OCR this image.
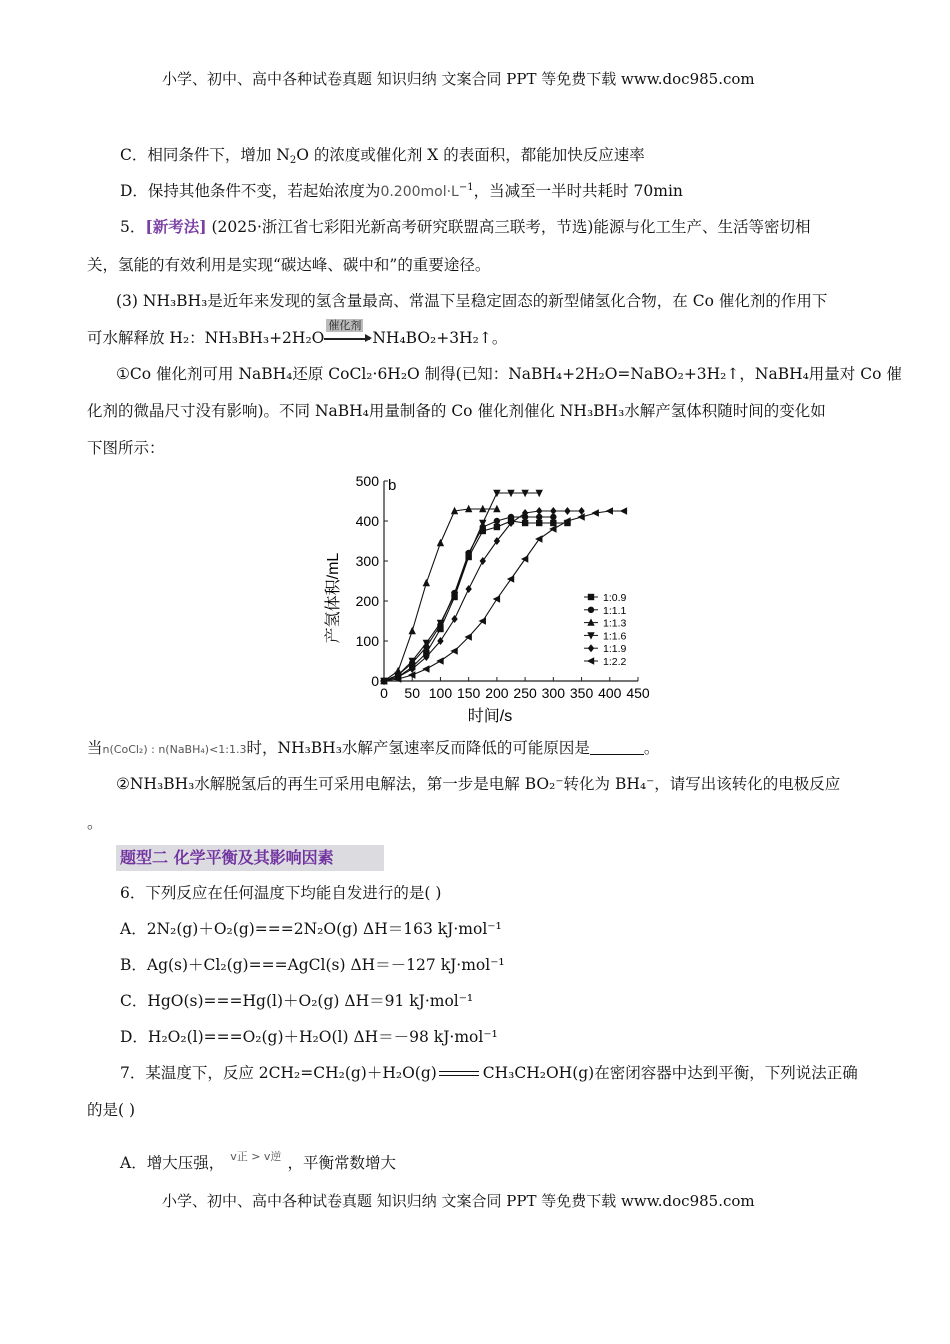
小学、初中、高中各种试卷真题 知识归纳 文案合同 PPT 等免费下载 www.doc985.com
C．相同条件下，增加 $N_2O$ 的浓度或催化剂 X 的表面积，都能加快反应速率
D．保持其他条件不变，若起始浓度为$0.200mol\cdot L^{-1}$，当减至一半时共耗时 70min
5．[新考法] (2025·浙江省七彩阳光新高考研究联盟高三联考，节选)能源与化工生产、生活等密切相
关，氢能的有效利用是实现“碳达峰、碳中和”的重要途径。
(3) NH₃BH₃是近年来发现的氢含量最高、常温下呈稳定固态的新型储氢化合物，在 Co 催化剂的作用下
可水解释放 H₂：NH₃BH₃+2H₂O
催化剂
NH₄BO₂+3H₂↑。
①Co 催化剂可用 NaBH₄还原 CoCl₂·6H₂O 制得(已知：NaBH₄+2H₂O=NaBO₂+3H₂↑，NaBH₄用量对 Co 催
化剂的微晶尺寸没有影响)。不同 NaBH₄用量制备的 Co 催化剂催化 NH₃BH₃水解产氢体积随时间的变化如
下图所示：
0 50 100 150 200 250 300 350 400 450
0
100
200
300
400
500
1:0.9
1:1.1
1:1.3
1:1.6
1:1.9
1:2.2
b
时间/s
产氢体积/mL
当n(CoCl₂) : n(NaBH₄)<1:1.3时，NH₃BH₃水解产氢速率反而降低的可能原因是	。
②NH₃BH₃水解脱氢后的再生可采用电解法，第一步是电解 BO₂⁻转化为 BH₄⁻，请写出该转化的电极反应
。
题型二 化学平衡及其影响因素
6．下列反应在任何温度下均能自发进行的是( )
A．2N₂(g)＋O₂(g)===2N₂O(g) ΔH＝163 kJ·mol⁻¹
B．Ag(s)＋Cl₂(g)===AgCl(s) ΔH＝－127 kJ·mol⁻¹
C．HgO(s)===Hg(l)＋O₂(g) ΔH＝91 kJ·mol⁻¹
D．H₂O₂(l)===O₂(g)＋H₂O(l) ΔH＝－98 kJ·mol⁻¹
7．某温度下，反应 2CH₂=CH₂(g)＋H₂O(g)	CH₃CH₂OH(g)在密闭容器中达到平衡，下列说法正确
的是( )
A．增大压强， v正 > v逆 ，平衡常数增大
小学、初中、高中各种试卷真题 知识归纳 文案合同 PPT 等免费下载 www.doc985.com
